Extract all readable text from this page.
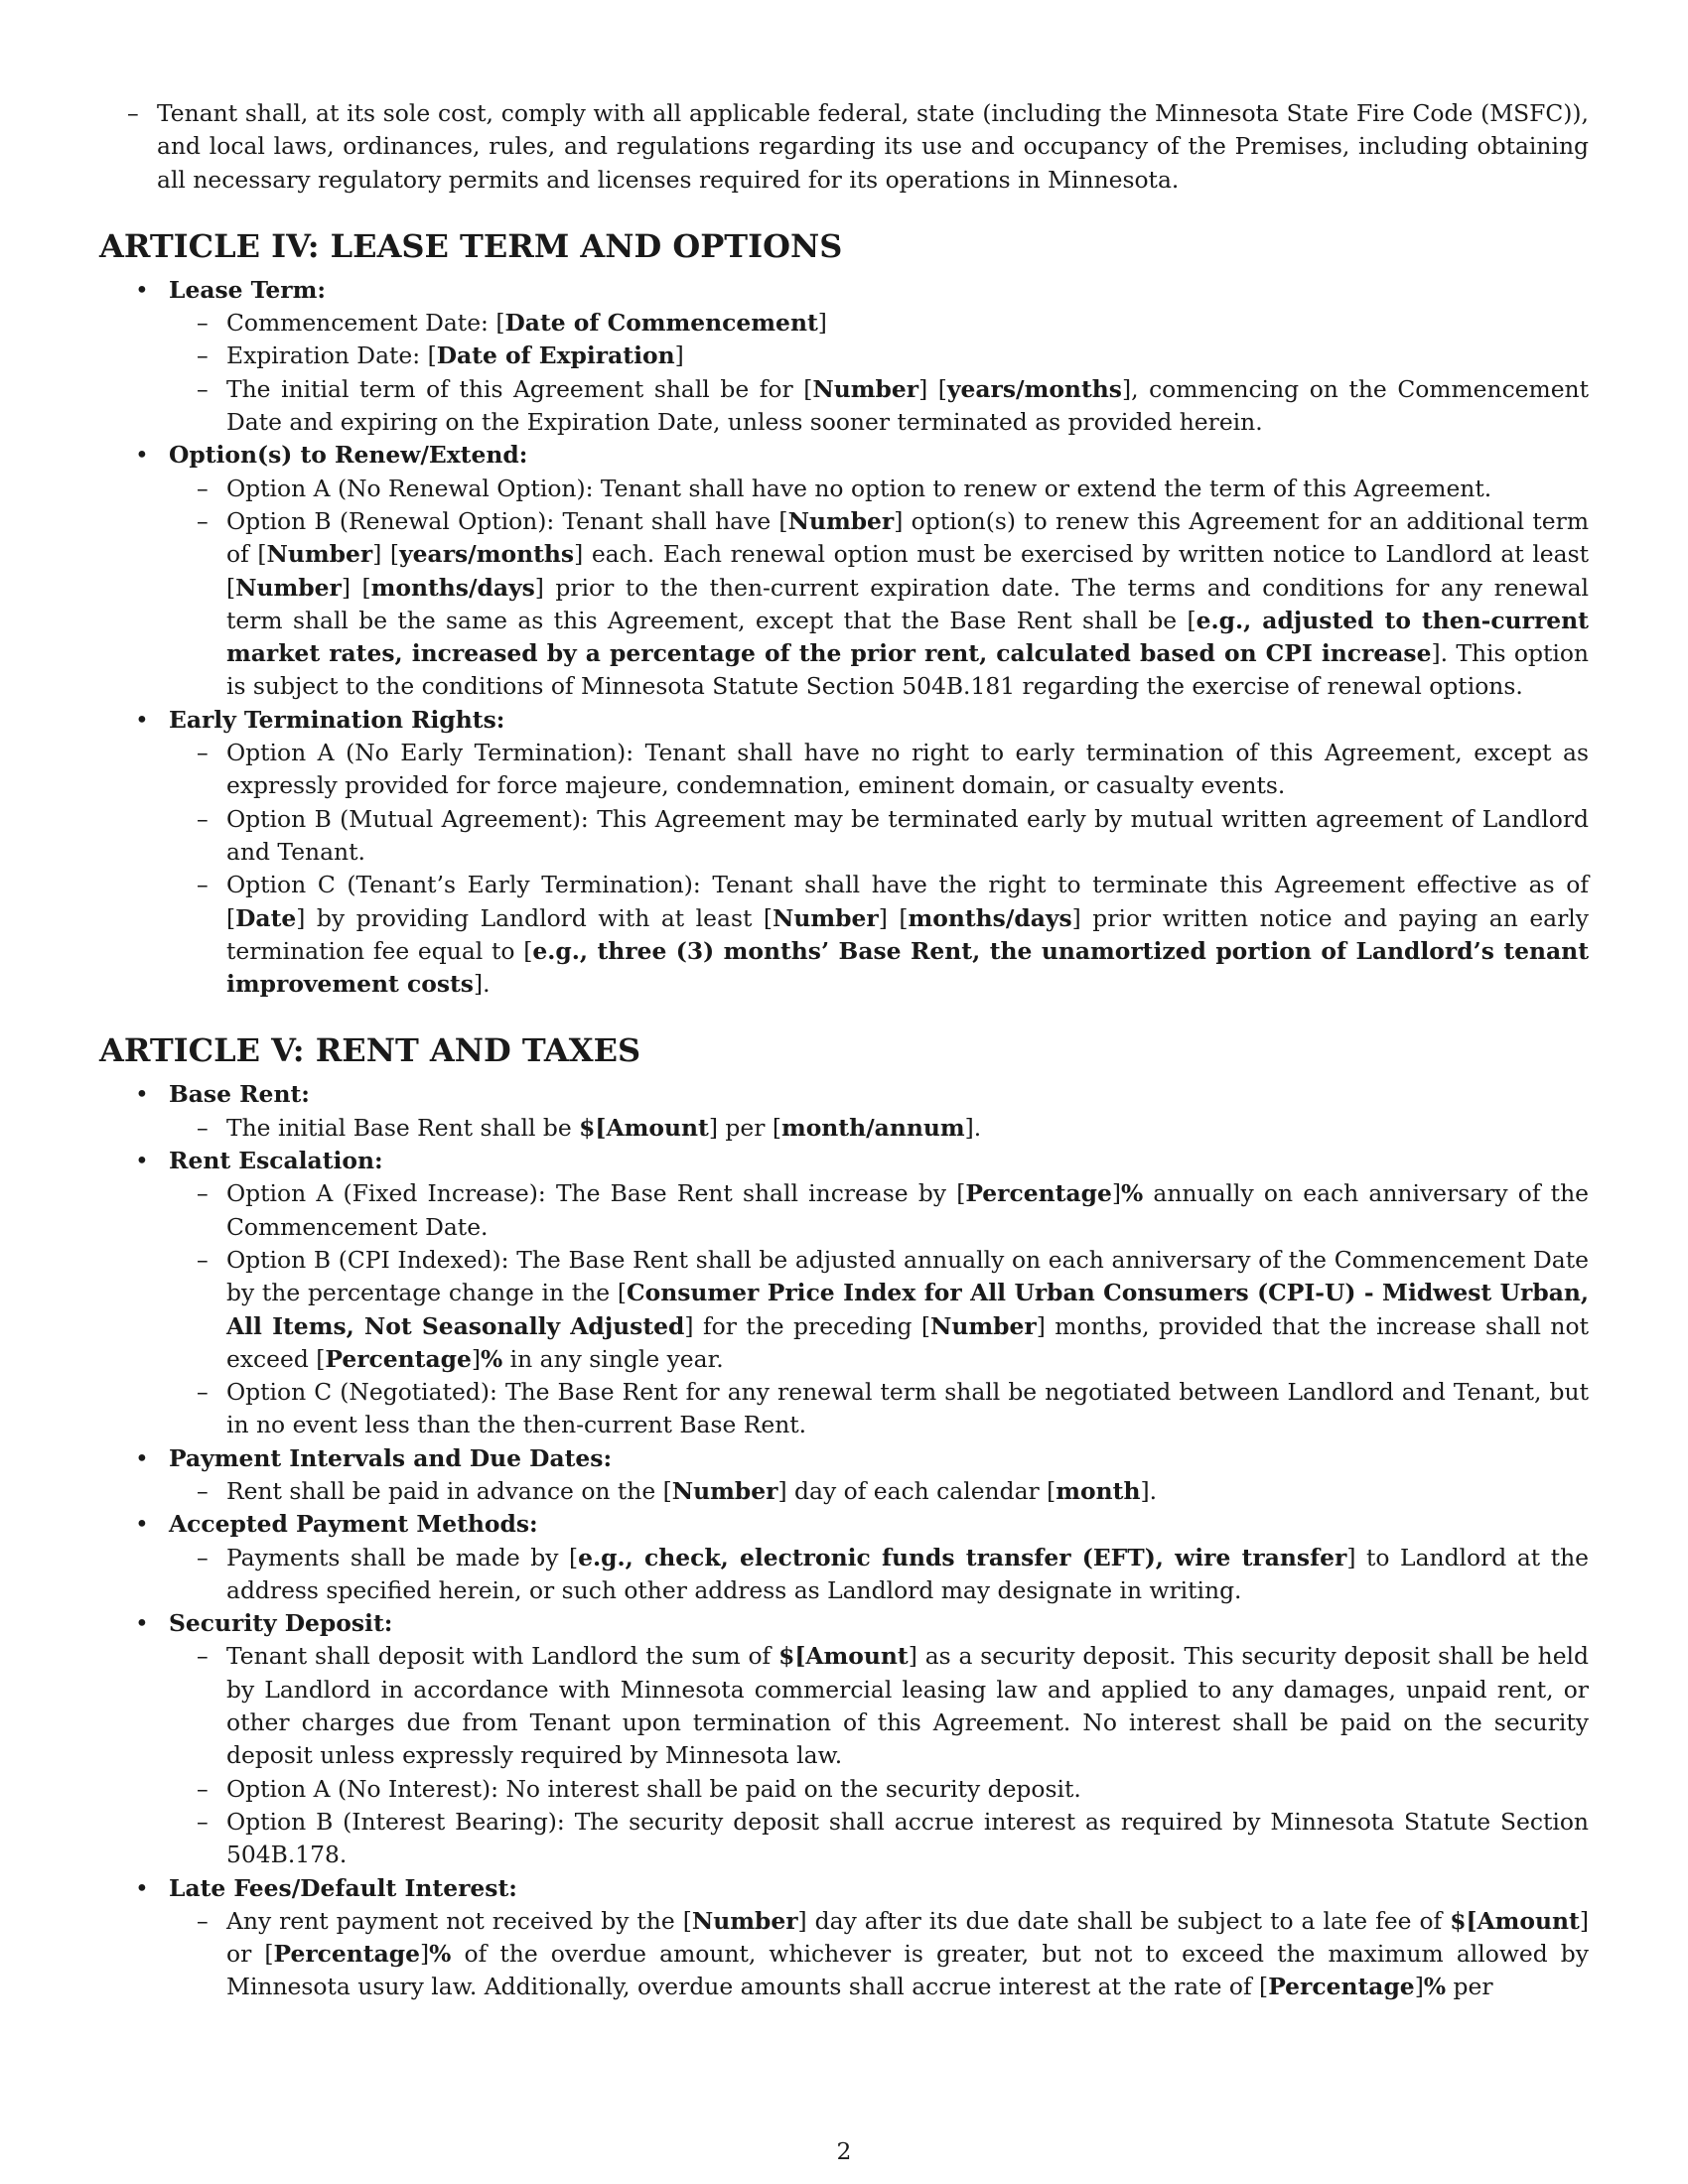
– Tenant shall, at its sole cost, comply with all applicable federal, state (including the Minnesota State Fire Code (MSFC)), and local laws, ordinances, rules, and regulations regarding its use and occupancy of the Premises, including obtaining all necessary regulatory permits and licenses required for its operations in Minnesota.
ARTICLE IV: LEASE TERM AND OPTIONS
• Lease Term:
– Commencement Date: [Date of Commencement]
– Expiration Date: [Date of Expiration]
– The initial term of this Agreement shall be for [Number] [years/months], commencing on the Commencement Date and expiring on the Expiration Date, unless sooner terminated as provided herein.
• Option(s) to Renew/Extend:
– Option A (No Renewal Option): Tenant shall have no option to renew or extend the term of this Agreement.
– Option B (Renewal Option): Tenant shall have [Number] option(s) to renew this Agreement for an additional term of [Number] [years/months] each. Each renewal option must be exercised by written notice to Landlord at least [Number] [months/days] prior to the then-current expiration date. The terms and conditions for any renewal term shall be the same as this Agreement, except that the Base Rent shall be [e.g., adjusted to then-current market rates, increased by a percentage of the prior rent, calculated based on CPI increase]. This option is subject to the conditions of Minnesota Statute Section 504B.181 regarding the exercise of renewal options.
• Early Termination Rights:
– Option A (No Early Termination): Tenant shall have no right to early termination of this Agreement, except as expressly provided for force majeure, condemnation, eminent domain, or casualty events.
– Option B (Mutual Agreement): This Agreement may be terminated early by mutual written agreement of Landlord and Tenant.
– Option C (Tenant’s Early Termination): Tenant shall have the right to terminate this Agreement effective as of [Date] by providing Landlord with at least [Number] [months/days] prior written notice and paying an early termination fee equal to [e.g., three (3) months’ Base Rent, the unamortized portion of Landlord’s tenant improvement costs].
ARTICLE V: RENT AND TAXES
• Base Rent:
– The initial Base Rent shall be $[Amount] per [month/annum].
• Rent Escalation:
– Option A (Fixed Increase): The Base Rent shall increase by [Percentage]% annually on each anniversary of the Commencement Date.
– Option B (CPI Indexed): The Base Rent shall be adjusted annually on each anniversary of the Commencement Date by the percentage change in the [Consumer Price Index for All Urban Consumers (CPI-U) - Midwest Urban, All Items, Not Seasonally Adjusted] for the preceding [Number] months, provided that the increase shall not exceed [Percentage]% in any single year.
– Option C (Negotiated): The Base Rent for any renewal term shall be negotiated between Landlord and Tenant, but in no event less than the then-current Base Rent.
• Payment Intervals and Due Dates:
– Rent shall be paid in advance on the [Number] day of each calendar [month].
• Accepted Payment Methods:
– Payments shall be made by [e.g., check, electronic funds transfer (EFT), wire transfer] to Landlord at the address specified herein, or such other address as Landlord may designate in writing.
• Security Deposit:
– Tenant shall deposit with Landlord the sum of $[Amount] as a security deposit. This security deposit shall be held by Landlord in accordance with Minnesota commercial leasing law and applied to any damages, unpaid rent, or other charges due from Tenant upon termination of this Agreement. No interest shall be paid on the security deposit unless expressly required by Minnesota law.
– Option A (No Interest): No interest shall be paid on the security deposit.
– Option B (Interest Bearing): The security deposit shall accrue interest as required by Minnesota Statute Section 504B.178.
• Late Fees/Default Interest:
– Any rent payment not received by the [Number] day after its due date shall be subject to a late fee of $[Amount] or [Percentage]% of the overdue amount, whichever is greater, but not to exceed the maximum allowed by Minnesota usury law. Additionally, overdue amounts shall accrue interest at the rate of [Percentage]% per
2
